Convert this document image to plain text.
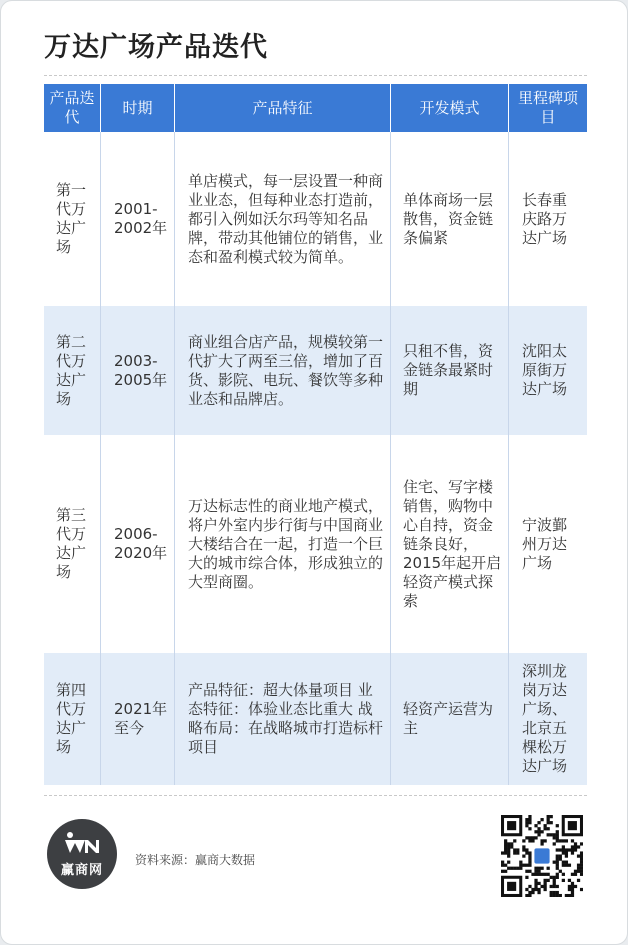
万达广场产品迭代
产品迭代	时期	产品特征	开发模式	里程碑项目
第一代万达广场	2001-2002年	单店模式，每一层设置一种商业业态，但每种业态打造前，都引入例如沃尔玛等知名品牌，带动其他铺位的销售，业态和盈利模式较为简单。	单体商场一层散售，资金链条偏紧	长春重庆路万达广场
第二代万达广场	2003-2005年	商业组合店产品，规模较第一代扩大了两至三倍，增加了百货、影院、电玩、餐饮等多种业态和品牌店。	只租不售，资金链条最紧时期	沈阳太原街万达广场
第三代万达广场	2006-2020年	万达标志性的商业地产模式，将户外室内步行街与中国商业大楼结合在一起，打造一个巨大的城市综合体，形成独立的大型商圈。	住宅、写字楼销售，购物中心自持，资金链条良好，2015年起开启轻资产模式探索	宁波鄞州万达广场
第四代万达广场	2021年至今	产品特征：超大体量项目 业态特征：体验业态比重大 战略布局：在战略城市打造标杆项目	轻资产运营为主	深圳龙岗万达广场、北京五棵松万达广场
赢商网
资料来源：赢商大数据
